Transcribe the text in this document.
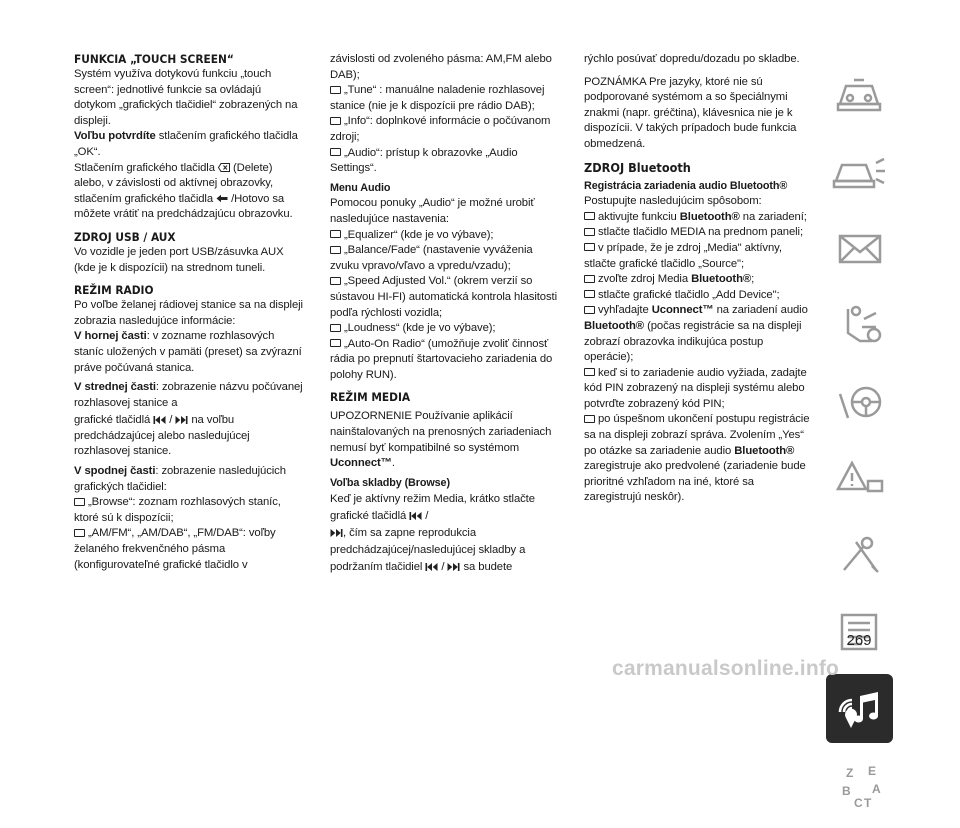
FUNKCIA „TOUCH SCREEN“
Systém využíva dotykovú funkciu „touch screen“: jednotlivé funkcie sa ovládajú dotykom „grafických tlačidiel“ zobrazených na displeji.
Voľbu potvrdíte stlačením grafického tlačidla „OK“.
Stlačením grafického tlačidla  (Delete) alebo, v závislosti od aktívnej obrazovky, stlačením grafického tlačidla  /Hotovo sa môžete vrátiť na predchádzajúcu obrazovku.
ZDROJ USB / AUX
Vo vozidle je jeden port USB/zásuvka AUX (kde je k dispozícii) na strednom tuneli.
REŽIM RADIO
Po voľbe želanej rádiovej stanice sa na displeji zobrazia nasledujúce informácie:
V hornej časti: v zozname rozhlasových staníc uložených v pamäti (preset) sa zvýrazní práve počúvaná stanica.
V strednej časti: zobrazenie názvu počúvanej rozhlasovej stanice a
grafické tlačidlá  /  na voľbu predchádzajúcej alebo nasledujúcej rozhlasovej stanice.
V spodnej časti: zobrazenie nasledujúcich grafických tlačidiel:
„Browse“: zoznam rozhlasových staníc, ktoré sú k dispozícii;
„AM/FM“, „AM/DAB“, „FM/DAB“: voľby želaného frekvenčného pásma (konfigurovateľné grafické tlačidlo v
závislosti od zvoleného pásma: AM,FM alebo DAB);
„Tune“ : manuálne naladenie rozhlasovej stanice (nie je k dispozícii pre rádio DAB);
„Info“: doplnkové informácie o počúvanom zdroji;
„Audio“: prístup k obrazovke „Audio Settings“.
Menu Audio
Pomocou ponuky „Audio“ je možné urobiť nasledujúce nastavenia:
„Equalizer“ (kde je vo výbave);
„Balance/Fade“ (nastavenie vyváženia zvuku vpravo/vľavo a vpredu/vzadu);
„Speed Adjusted Vol.“ (okrem verzií so sústavou HI-FI) automatická kontrola hlasitosti podľa rýchlosti vozidla;
„Loudness“ (kde je vo výbave);
„Auto-On Radio“ (umožňuje zvoliť činnosť rádia po prepnutí štartovacieho zariadenia do polohy RUN).
REŽIM MEDIA
UPOZORNENIE Používanie aplikácií nainštalovaných na prenosných zariadeniach nemusí byť kompatibilné so systémom Uconnect™.
Voľba skladby (Browse)
Keď je aktívny režim Media, krátko stlačte grafické tlačidlá  /
, čím sa zapne reprodukcia predchádzajúcej/nasledujúcej skladby a podržaním tlačidiel  /  sa budete
rýchlo posúvať dopredu/dozadu po skladbe.
POZNÁMKA Pre jazyky, ktoré nie sú podporované systémom a so špeciálnymi znakmi (napr. gréčtina), klávesnica nie je k dispozícii. V takých prípadoch bude funkcia obmedzená.
ZDROJ Bluetooth
Registrácia zariadenia audio Bluetooth®
Postupujte nasledujúcim spôsobom:
aktivujte funkciu Bluetooth® na zariadení;
stlačte tlačidlo MEDIA na prednom paneli;
v prípade, že je zdroj „Media" aktívny, stlačte grafické tlačidlo „Source";
zvoľte zdroj Media Bluetooth®;
stlačte grafické tlačidlo „Add Device";
vyhľadajte Uconnect™ na zariadení audio Bluetooth® (počas registrácie sa na displeji zobrazí obrazovka indikujúca postup operácie);
keď si to zariadenie audio vyžiada, zadajte kód PIN zobrazený na displeji systému alebo potvrďte zobrazený kód PIN;
po úspešnom ukončení postupu registrácie sa na displeji zobrazí správa. Zvolením „Yes“ po otázke sa zariadenie audio Bluetooth® zaregistruje ako predvolené (zariadenie bude prioritné vzhľadom na iné, ktoré sa zaregistrujú neskôr).
Z E
B
C T
A
269
carmanualsonline.info
